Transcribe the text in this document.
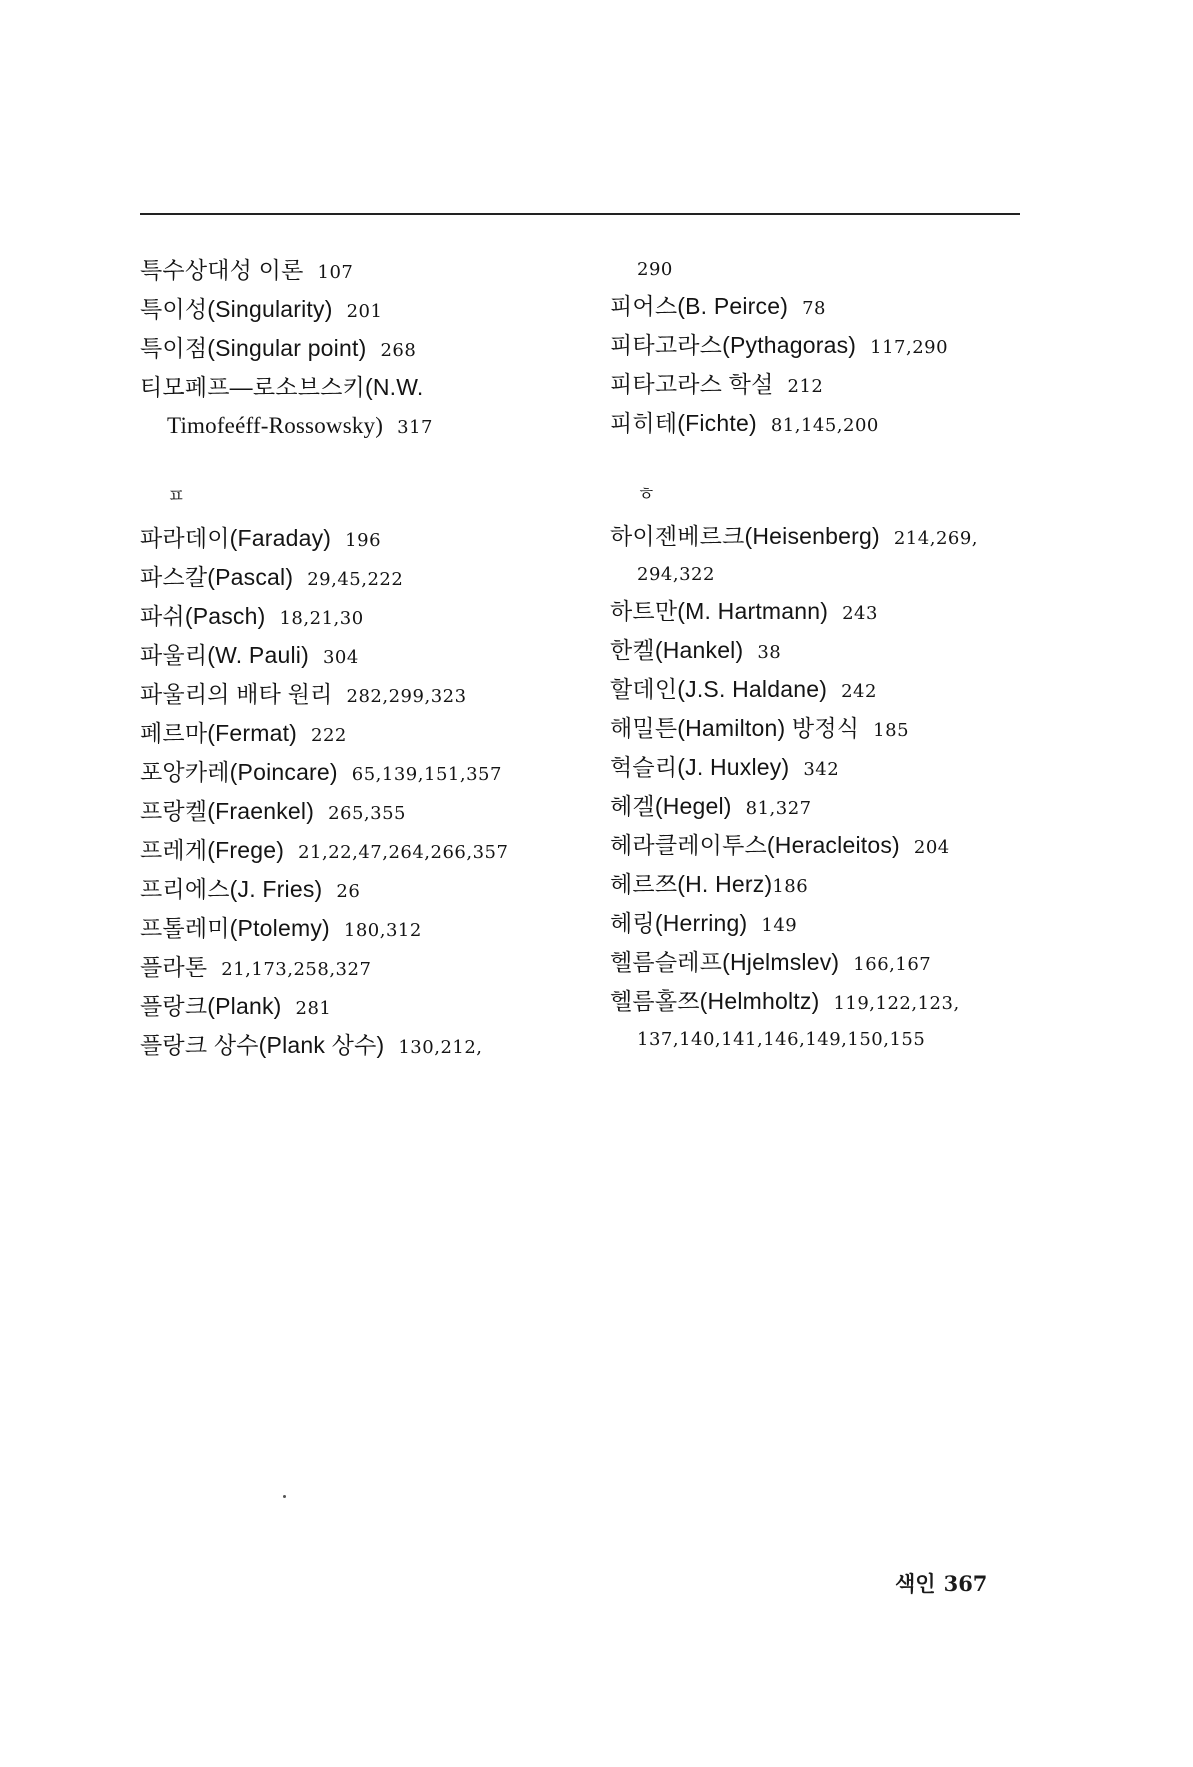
특수상대성 이론 107
특이성(Singularity) 201
특이점(Singular point) 268
티모페프—로소브스키(N.W.
Timofeéff-Rossowsky) 317
ㅍ
파라데이(Faraday) 196
파스칼(Pascal) 29,45,222
파쉬(Pasch) 18,21,30
파울리(W. Pauli) 304
파울리의 배타 원리 282,299,323
페르마(Fermat) 222
포앙카레(Poincare) 65,139,151,357
프랑켈(Fraenkel) 265,355
프레게(Frege) 21,22,47,264,266,357
프리에스(J. Fries) 26
프톨레미(Ptolemy) 180,312
플라톤 21,173,258,327
플랑크(Plank) 281
플랑크 상수(Plank 상수) 130,212,
290
피어스(B. Peirce) 78
피타고라스(Pythagoras) 117,290
피타고라스 학설 212
피히테(Fichte) 81,145,200
ㅎ
하이젠베르크(Heisenberg) 214,269,
294,322
하트만(M. Hartmann) 243
한켈(Hankel) 38
할데인(J.S. Haldane) 242
해밀튼(Hamilton) 방정식 185
헉슬리(J. Huxley) 342
헤겔(Hegel) 81,327
헤라클레이투스(Heracleitos) 204
헤르쯔(H. Herz)186
헤링(Herring) 149
헬름슬레프(Hjelmslev) 166,167
헬름홀쯔(Helmholtz) 119,122,123,
137,140,141,146,149,150,155
색인 367
